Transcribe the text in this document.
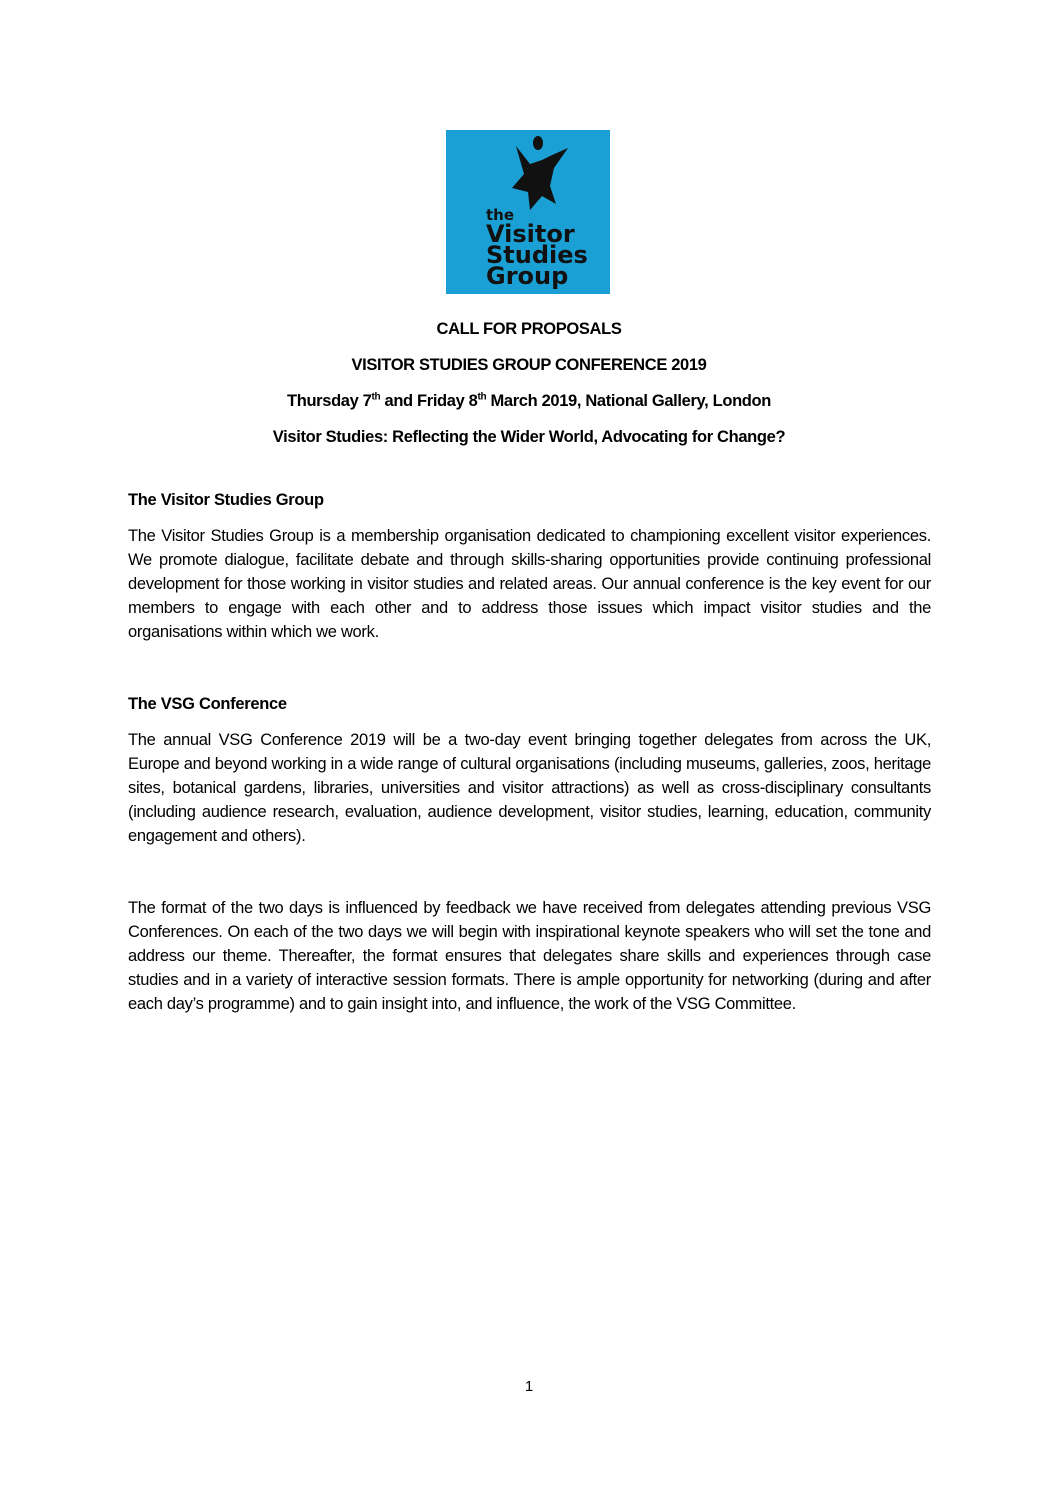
the
Visitor
Studies
Group
CALL FOR PROPOSALS
VISITOR STUDIES GROUP CONFERENCE 2019
Thursday 7th and Friday 8th March 2019, National Gallery, London
Visitor Studies: Reflecting the Wider World, Advocating for Change?
The Visitor Studies Group

The Visitor Studies Group is a membership organisation dedicated to championing excellent visitor experiences. We promote dialogue, facilitate debate and through skills-sharing opportunities provide continuing professional development for those working in visitor studies and related areas. Our annual conference is the key event for our members to engage with each other and to address those issues which impact visitor studies and the organisations within which we work.

The VSG Conference

The annual VSG Conference 2019 will be a two-day event bringing together delegates from across the UK, Europe and beyond working in a wide range of cultural organisations (including museums, galleries, zoos, heritage sites, botanical gardens, libraries, universities and visitor attractions) as well as cross-disciplinary consultants (including audience research, evaluation, audience development, visitor studies, learning, education, community engagement and others).

The format of the two days is influenced by feedback we have received from delegates attending previous VSG Conferences. On each of the two days we will begin with inspirational keynote speakers who will set the tone and address our theme. Thereafter, the format ensures that delegates share skills and experiences through case studies and in a variety of interactive session formats. There is ample opportunity for networking (during and after each day’s programme) and to gain insight into, and influence, the work of the VSG Committee.

1
